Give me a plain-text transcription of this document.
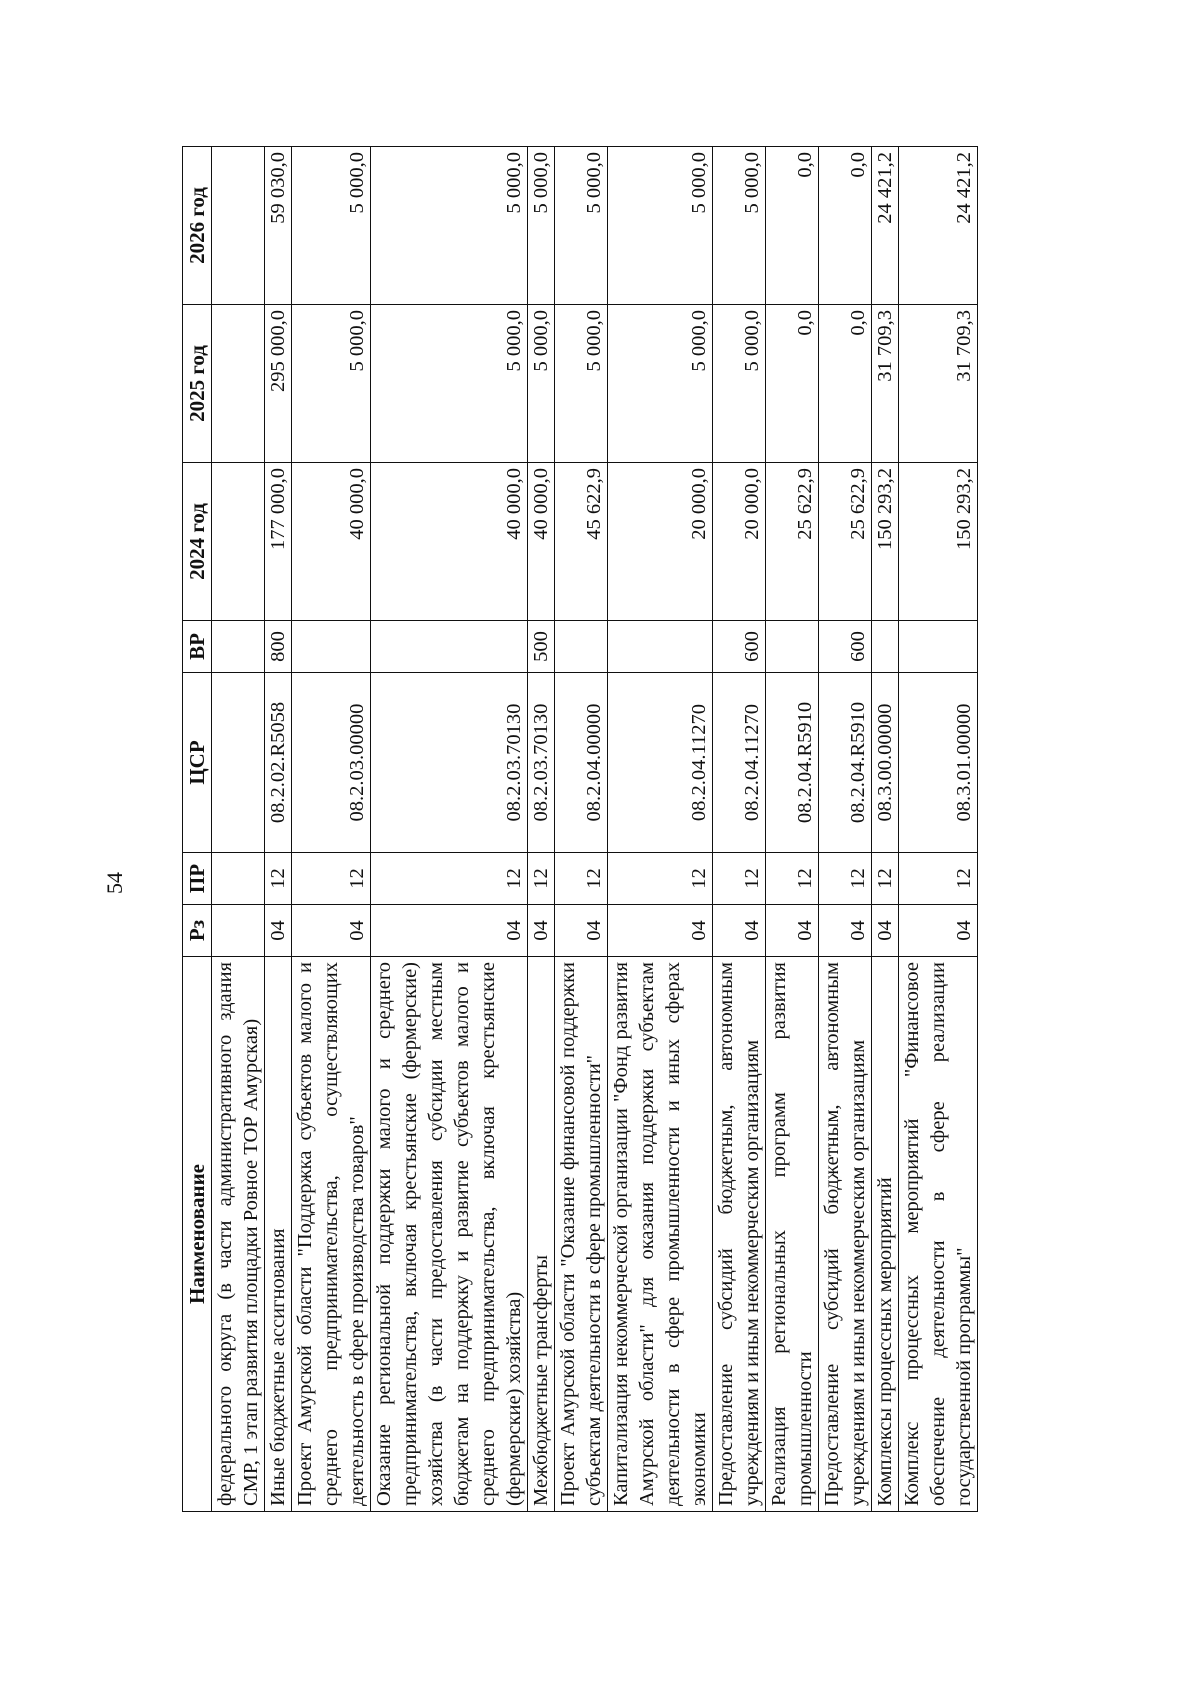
54
Наименование	Рз	ПР	ЦСР	ВР	2024 год	2025 год	2026 год
федерального округа (в части административного здания СМР, 1 этап развития площадки Ровное ТОР Амурская)							
Иные бюджетные ассигнования	04	12	08.2.02.R5058	800	177 000,0	295 000,0	59 030,0
Проект Амурской области "Поддержка субъектов малого и среднего предпринимательства, осуществляющих деятельность в сфере производства товаров"	04	12	08.2.03.00000		40 000,0	5 000,0	5 000,0
Оказание региональной поддержки малого и среднего предпринимательства, включая крестьянские (фермерские) хозяйства (в части предоставления субсидии местным бюджетам на поддержку и развитие субъектов малого и среднего предпринимательства, включая крестьянские (фермерские) хозяйства)	04	12	08.2.03.70130		40 000,0	5 000,0	5 000,0
Межбюджетные трансферты	04	12	08.2.03.70130	500	40 000,0	5 000,0	5 000,0
Проект Амурской области "Оказание финансовой поддержки субъектам деятельности в сфере промышленности"	04	12	08.2.04.00000		45 622,9	5 000,0	5 000,0
Капитализация некоммерческой организации "Фонд развития Амурской области" для оказания поддержки субъектам деятельности в сфере промышленности и иных сферах экономики	04	12	08.2.04.11270		20 000,0	5 000,0	5 000,0
Предоставление субсидий бюджетным, автономным учреждениям и иным некоммерческим организациям	04	12	08.2.04.11270	600	20 000,0	5 000,0	5 000,0
Реализация региональных программ развития промышленности	04	12	08.2.04.R5910		25 622,9	0,0	0,0
Предоставление субсидий бюджетным, автономным учреждениям и иным некоммерческим организациям	04	12	08.2.04.R5910	600	25 622,9	0,0	0,0
Комплексы процессных мероприятий	04	12	08.3.00.00000		150 293,2	31 709,3	24 421,2
Комплекс процессных мероприятий "Финансовое обеспечение деятельности в сфере реализации государственной программы"	04	12	08.3.01.00000		150 293,2	31 709,3	24 421,2
